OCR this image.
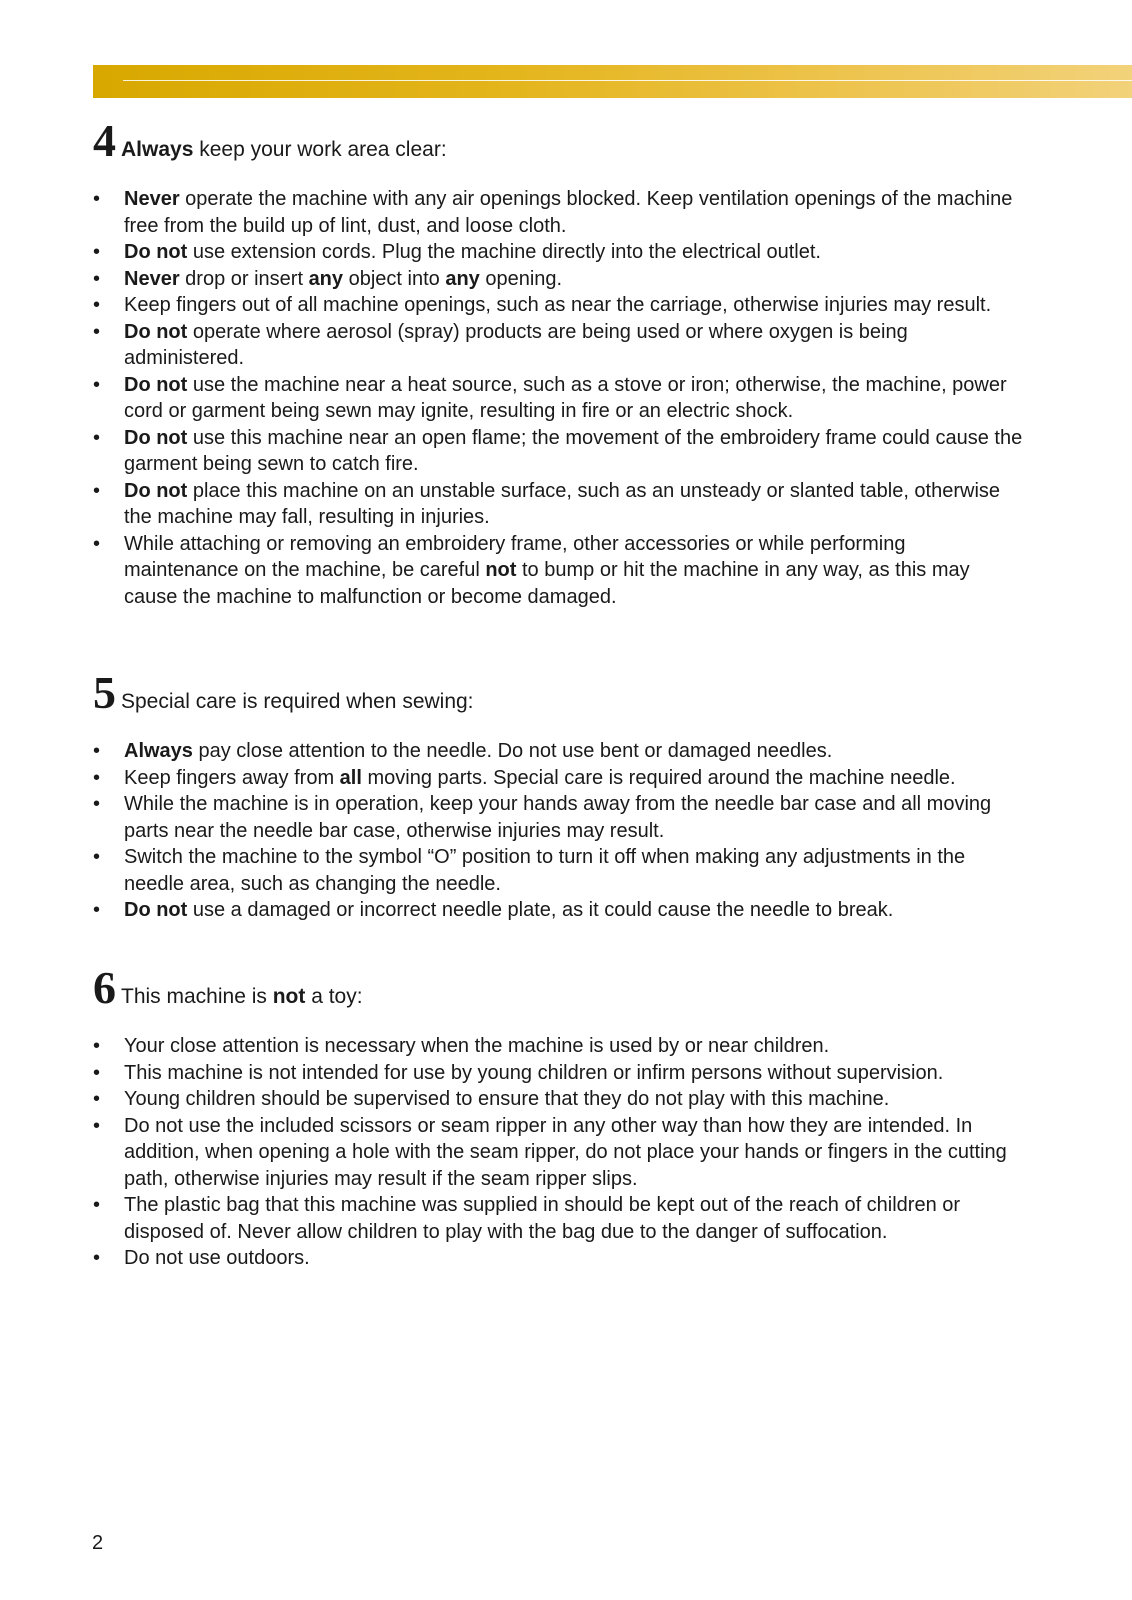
4 Always keep your work area clear:
• Never operate the machine with any air openings blocked. Keep ventilation openings of the machine free from the build up of lint, dust, and loose cloth.
• Do not use extension cords. Plug the machine directly into the electrical outlet.
• Never drop or insert any object into any opening.
• Keep fingers out of all machine openings, such as near the carriage, otherwise injuries may result.
• Do not operate where aerosol (spray) products are being used or where oxygen is being administered.
• Do not use the machine near a heat source, such as a stove or iron; otherwise, the machine, power cord or garment being sewn may ignite, resulting in fire or an electric shock.
• Do not use this machine near an open flame; the movement of the embroidery frame could cause the garment being sewn to catch fire.
• Do not place this machine on an unstable surface, such as an unsteady or slanted table, otherwise the machine may fall, resulting in injuries.
• While attaching or removing an embroidery frame, other accessories or while performing maintenance on the machine, be careful not to bump or hit the machine in any way, as this may cause the machine to malfunction or become damaged.
5 Special care is required when sewing:
• Always pay close attention to the needle. Do not use bent or damaged needles.
• Keep fingers away from all moving parts. Special care is required around the machine needle.
• While the machine is in operation, keep your hands away from the needle bar case and all moving parts near the needle bar case, otherwise injuries may result.
• Switch the machine to the symbol “O” position to turn it off when making any adjustments in the needle area, such as changing the needle.
• Do not use a damaged or incorrect needle plate, as it could cause the needle to break.
6 This machine is not a toy:
• Your close attention is necessary when the machine is used by or near children.
• This machine is not intended for use by young children or infirm persons without supervision.
• Young children should be supervised to ensure that they do not play with this machine.
• Do not use the included scissors or seam ripper in any other way than how they are intended. In addition, when opening a hole with the seam ripper, do not place your hands or fingers in the cutting path, otherwise injuries may result if the seam ripper slips.
• The plastic bag that this machine was supplied in should be kept out of the reach of children or disposed of. Never allow children to play with the bag due to the danger of suffocation.
• Do not use outdoors.
2
